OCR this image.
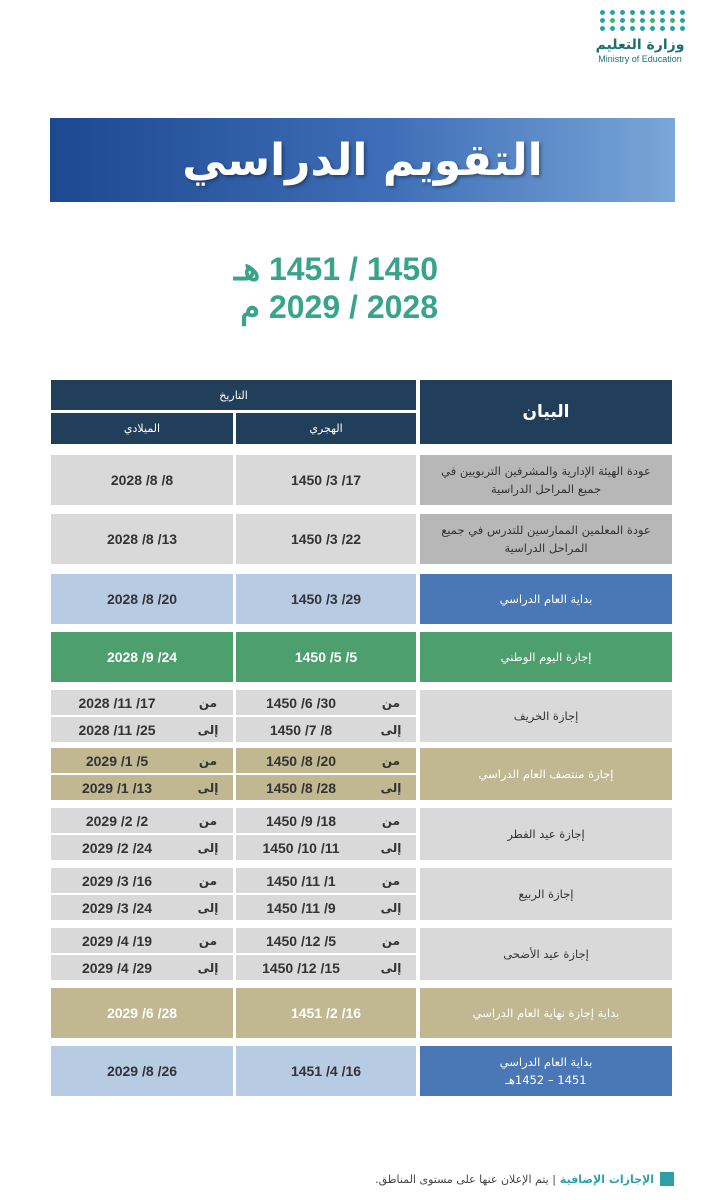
وزارة التعليم
Ministry of Education
التقويم الدراسي
1450 / 1451 هـ
2028 / 2029 م
البيان
التاريخ
الهجري
الميلادي
عودة الهيئة الإدارية والمشرفين التربويين في جميع المراحل الدراسية
17/ 3/ 1450
8/ 8/ 2028
عودة المعلمين الممارسين للتدرس في جميع المراحل الدراسية
22/ 3/ 1450
13/ 8/ 2028
بداية العام الدراسي
29/ 3/ 1450
20/ 8/ 2028
إجازة اليوم الوطني
5/ 5/ 1450
24/ 9/ 2028
إجازة الخريف
من
30/ 6/ 1450
إلى
8/ 7/ 1450
من
17/ 11/ 2028
إلى
25/ 11/ 2028
إجازة منتصف العام الدراسي
من
20/ 8/ 1450
إلى
28/ 8/ 1450
من
5/ 1/ 2029
إلى
13/ 1/ 2029
إجازة عيد الفطر
من
18/ 9/ 1450
إلى
11/ 10/ 1450
من
2/ 2/ 2029
إلى
24/ 2/ 2029
إجازة الربيع
من
1/ 11/ 1450
إلى
9/ 11/ 1450
من
16/ 3/ 2029
إلى
24/ 3/ 2029
إجازة عيد الأضحى
من
5/ 12/ 1450
إلى
15/ 12/ 1450
من
19/ 4/ 2029
إلى
29/ 4/ 2029
بداية إجازة نهاية العام الدراسي
16/ 2/ 1451
28/ 6/ 2029
بداية العام الدراسي
1451 – 1452هـ
16/ 4/ 1451
26/ 8/ 2029
الإجازات الإضافية
| يتم الإعلان عنها على مستوى المناطق.
